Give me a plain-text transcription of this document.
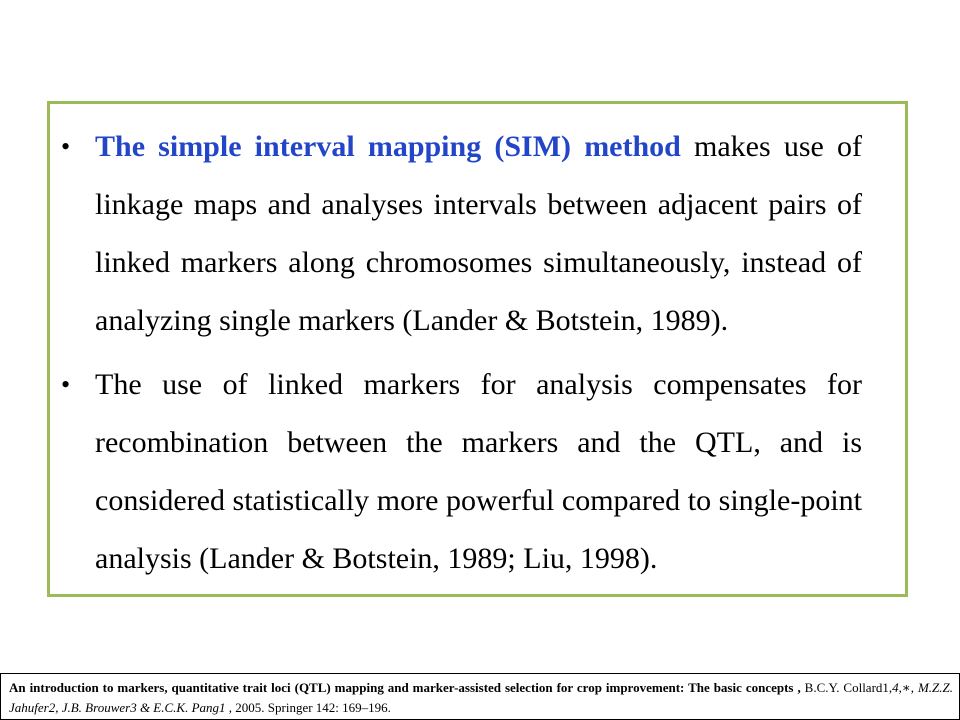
• The simple interval mapping (SIM) method makes use of linkage maps and analyses intervals between adjacent pairs of linked markers along chromosomes simultaneously, instead of analyzing single markers (Lander & Botstein, 1989).
• The use of linked markers for analysis compensates for recombination between the markers and the QTL, and is considered statistically more powerful compared to single-point analysis (Lander & Botstein, 1989; Liu, 1998).
An introduction to markers, quantitative trait loci (QTL) mapping and marker-assisted selection for crop improvement: The basic concepts , B.C.Y. Collard1,4,∗, M.Z.Z. Jahufer2, J.B. Brouwer3 & E.C.K. Pang1 , 2005. Springer 142: 169–196.
